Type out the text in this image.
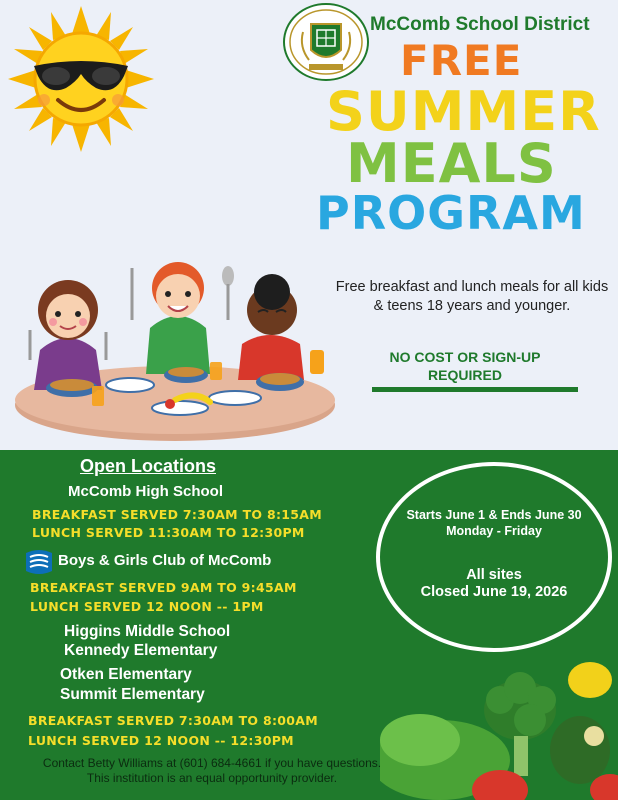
McComb School District
FREE
SUMMER
MEALS
PROGRAM
Free breakfast and lunch meals for all kids & teens 18 years and younger.
NO COST OR SIGN-UP REQUIRED
Open Locations
McComb High School
BREAKFAST SERVED 7:30AM TO 8:15AM
LUNCH SERVED 11:30AM TO 12:30PM
Boys & Girls Club of McComb
BREAKFAST SERVED 9AM TO 9:45AM
LUNCH SERVED 12 NOON -- 1PM
Higgins Middle School
Kennedy Elementary
Otken Elementary
Summit Elementary
BREAKFAST SERVED 7:30AM TO 8:00AM
LUNCH SERVED 12 NOON -- 12:30PM
Starts June 1 & Ends June 30
Monday - Friday
All sites
Closed June 19, 2026
Contact Betty Williams at (601) 684-4661 if you have questions.
This institution is an equal opportunity provider.
